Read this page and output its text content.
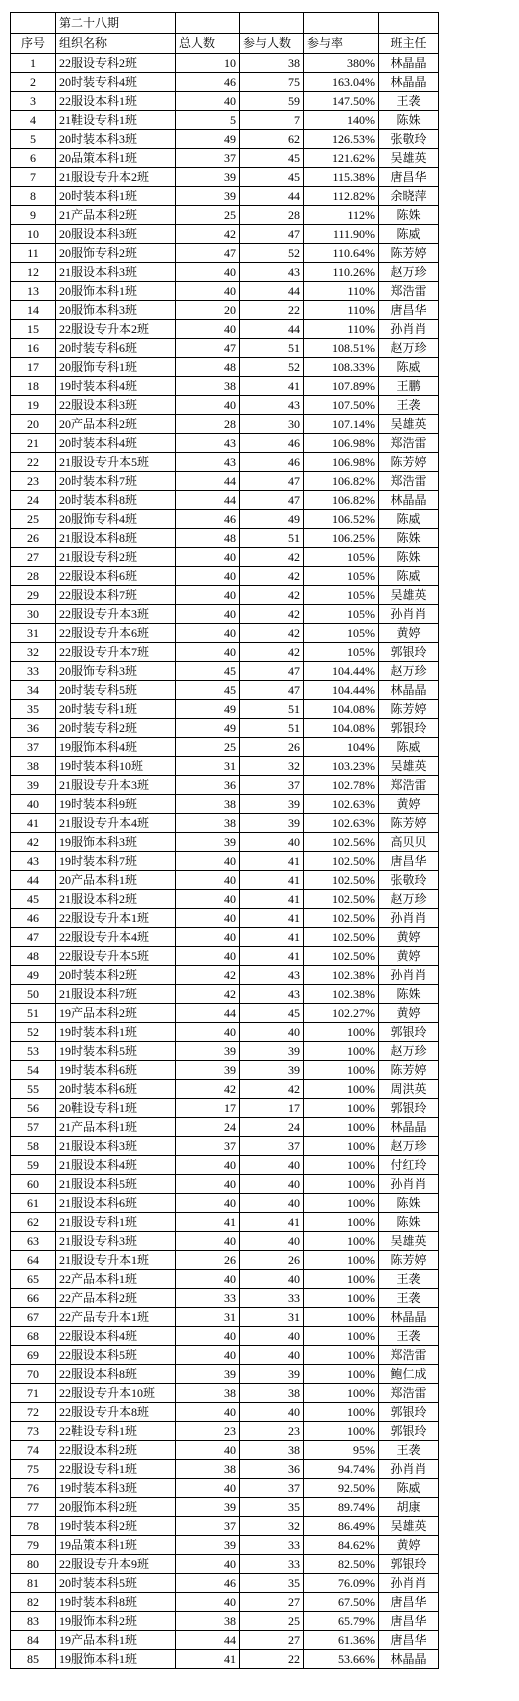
	第二十八期				
序号	组织名称	总人数	参与人数	参与率	班主任
1	22服设专科2班	10	38	380%	林晶晶
2	20时装专科4班	46	75	163.04%	林晶晶
3	22服设本科1班	40	59	147.50%	王袭
4	21鞋设专科1班	5	7	140%	陈姝
5	20时装本科3班	49	62	126.53%	张敬玲
6	20品策本科1班	37	45	121.62%	吴雄英
7	21服设专升本2班	39	45	115.38%	唐昌华
8	20时装本科1班	39	44	112.82%	余晓萍
9	21产品本科2班	25	28	112%	陈姝
10	20服设本科3班	42	47	111.90%	陈威
11	20服饰专科2班	47	52	110.64%	陈芳婷
12	21服设本科3班	40	43	110.26%	赵万珍
13	20服饰本科1班	40	44	110%	郑浩雷
14	20服饰本科3班	20	22	110%	唐昌华
15	22服设专升本2班	40	44	110%	孙肖肖
16	20时装专科6班	47	51	108.51%	赵万珍
17	20服饰专科1班	48	52	108.33%	陈威
18	19时装本科4班	38	41	107.89%	王鹏
19	22服设本科3班	40	43	107.50%	王袭
20	20产品本科2班	28	30	107.14%	吴雄英
21	20时装本科4班	43	46	106.98%	郑浩雷
22	21服设专升本5班	43	46	106.98%	陈芳婷
23	20时装本科7班	44	47	106.82%	郑浩雷
24	20时装本科8班	44	47	106.82%	林晶晶
25	20服饰专科4班	46	49	106.52%	陈威
26	21服设本科8班	48	51	106.25%	陈姝
27	21服设专科2班	40	42	105%	陈姝
28	22服设本科6班	40	42	105%	陈威
29	22服设本科7班	40	42	105%	吴雄英
30	22服设专升本3班	40	42	105%	孙肖肖
31	22服设专升本6班	40	42	105%	黄婷
32	22服设专升本7班	40	42	105%	郭银玲
33	20服饰专科3班	45	47	104.44%	赵万珍
34	20时装专科5班	45	47	104.44%	林晶晶
35	20时装专科1班	49	51	104.08%	陈芳婷
36	20时装专科2班	49	51	104.08%	郭银玲
37	19服饰本科4班	25	26	104%	陈威
38	19时装本科10班	31	32	103.23%	吴雄英
39	21服设专升本3班	36	37	102.78%	郑浩雷
40	19时装本科9班	38	39	102.63%	黄婷
41	21服设专升本4班	38	39	102.63%	陈芳婷
42	19服饰本科3班	39	40	102.56%	高贝贝
43	19时装本科7班	40	41	102.50%	唐昌华
44	20产品本科1班	40	41	102.50%	张敬玲
45	21服设本科2班	40	41	102.50%	赵万珍
46	22服设专升本1班	40	41	102.50%	孙肖肖
47	22服设专升本4班	40	41	102.50%	黄婷
48	22服设专升本5班	40	41	102.50%	黄婷
49	20时装本科2班	42	43	102.38%	孙肖肖
50	21服设本科7班	42	43	102.38%	陈姝
51	19产品本科2班	44	45	102.27%	黄婷
52	19时装本科1班	40	40	100%	郭银玲
53	19时装本科5班	39	39	100%	赵万珍
54	19时装本科6班	39	39	100%	陈芳婷
55	20时装本科6班	42	42	100%	周洪英
56	20鞋设专科1班	17	17	100%	郭银玲
57	21产品本科1班	24	24	100%	林晶晶
58	21服设本科3班	37	37	100%	赵万珍
59	21服设本科4班	40	40	100%	付红玲
60	21服设本科5班	40	40	100%	孙肖肖
61	21服设本科6班	40	40	100%	陈姝
62	21服设专科1班	41	41	100%	陈姝
63	21服设专科3班	40	40	100%	吴雄英
64	21服设专升本1班	26	26	100%	陈芳婷
65	22产品本科1班	40	40	100%	王袭
66	22产品本科2班	33	33	100%	王袭
67	22产品专升本1班	31	31	100%	林晶晶
68	22服设本科4班	40	40	100%	王袭
69	22服设本科5班	40	40	100%	郑浩雷
70	22服设本科8班	39	39	100%	鲍仁成
71	22服设专升本10班	38	38	100%	郑浩雷
72	22服设专升本8班	40	40	100%	郭银玲
73	22鞋设专科1班	23	23	100%	郭银玲
74	22服设本科2班	40	38	95%	王袭
75	22服设专科1班	38	36	94.74%	孙肖肖
76	19时装本科3班	40	37	92.50%	陈威
77	20服饰本科2班	39	35	89.74%	胡康
78	19时装本科2班	37	32	86.49%	吴雄英
79	19品策本科1班	39	33	84.62%	黄婷
80	22服设专升本9班	40	33	82.50%	郭银玲
81	20时装本科5班	46	35	76.09%	孙肖肖
82	19时装本科8班	40	27	67.50%	唐昌华
83	19服饰本科2班	38	25	65.79%	唐昌华
84	19产品本科1班	44	27	61.36%	唐昌华
85	19服饰本科1班	41	22	53.66%	林晶晶
